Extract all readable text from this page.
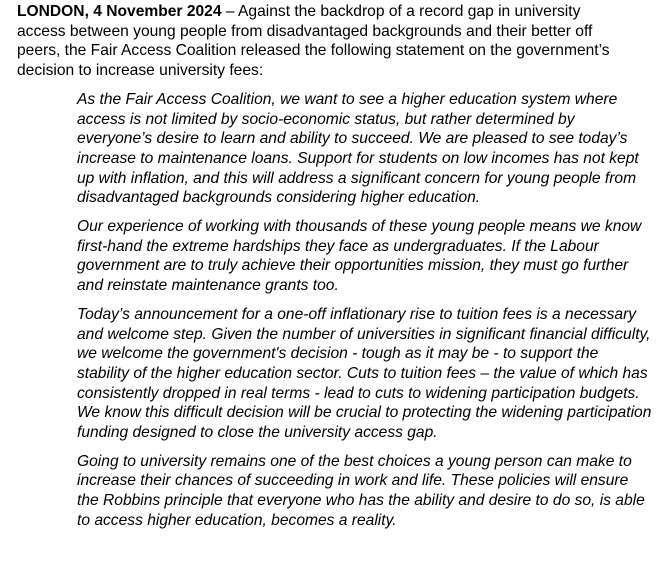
LONDON, 4 November 2024 – Against the backdrop of a record gap in university access between young people from disadvantaged backgrounds and their better off peers, the Fair Access Coalition released the following statement on the government’s decision to increase university fees:

As the Fair Access Coalition, we want to see a higher education system where access is not limited by socio-economic status, but rather determined by everyone’s desire to learn and ability to succeed. We are pleased to see today’s increase to maintenance loans. Support for students on low incomes has not kept up with inflation, and this will address a significant concern for young people from disadvantaged backgrounds considering higher education.

Our experience of working with thousands of these young people means we know first-hand the extreme hardships they face as undergraduates. If the Labour government are to truly achieve their opportunities mission, they must go further and reinstate maintenance grants too.

Today’s announcement for a one-off inflationary rise to tuition fees is a necessary and welcome step. Given the number of universities in significant financial difficulty, we welcome the government's decision - tough as it may be - to support the stability of the higher education sector. Cuts to tuition fees – the value of which has consistently dropped in real terms - lead to cuts to widening participation budgets. We know this difficult decision will be crucial to protecting the widening participation funding designed to close the university access gap.

Going to university remains one of the best choices a young person can make to increase their chances of succeeding in work and life. These policies will ensure the Robbins principle that everyone who has the ability and desire to do so, is able to access higher education, becomes a reality.
